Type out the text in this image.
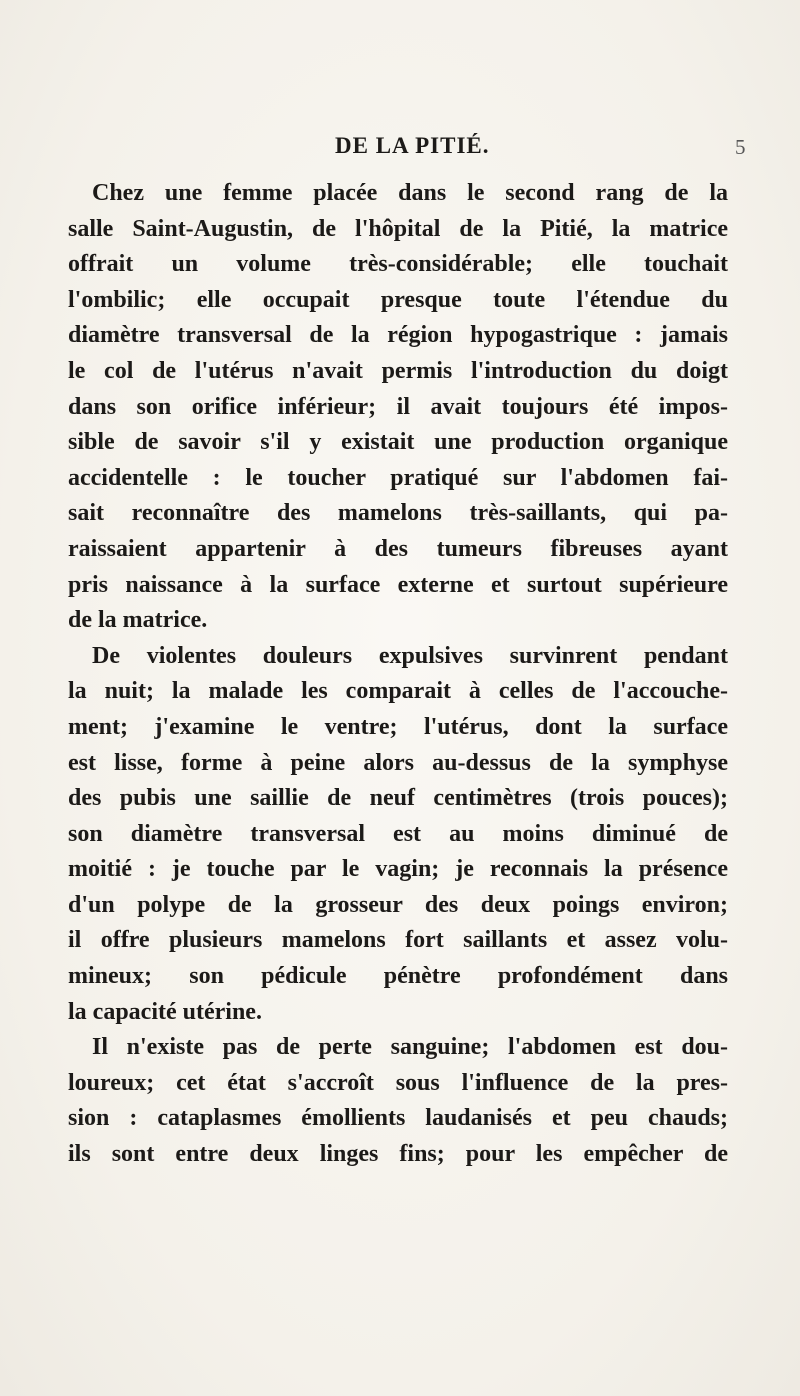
DE LA PITIÉ.	5
Chez une femme placée dans le second rang de la
salle Saint-Augustin, de l'hôpital de la Pitié, la matrice
offrait un volume très-considérable; elle touchait
l'ombilic; elle occupait presque toute l'étendue du
diamètre transversal de la région hypogastrique : jamais
le col de l'utérus n'avait permis l'introduction du doigt
dans son orifice inférieur; il avait toujours été impos-
sible de savoir s'il y existait une production organique
accidentelle : le toucher pratiqué sur l'abdomen fai-
sait reconnaître des mamelons très-saillants, qui pa-
raissaient appartenir à des tumeurs fibreuses ayant
pris naissance à la surface externe et surtout supérieure
de la matrice.
De violentes douleurs expulsives survinrent pendant
la nuit; la malade les comparait à celles de l'accouche-
ment; j'examine le ventre; l'utérus, dont la surface
est lisse, forme à peine alors au-dessus de la symphyse
des pubis une saillie de neuf centimètres (trois pouces);
son diamètre transversal est au moins diminué de
moitié : je touche par le vagin; je reconnais la présence
d'un polype de la grosseur des deux poings environ;
il offre plusieurs mamelons fort saillants et assez volu-
mineux; son pédicule pénètre profondément dans
la capacité utérine.
Il n'existe pas de perte sanguine; l'abdomen est dou-
loureux; cet état s'accroît sous l'influence de la pres-
sion : cataplasmes émollients laudanisés et peu chauds;
ils sont entre deux linges fins; pour les empêcher de
